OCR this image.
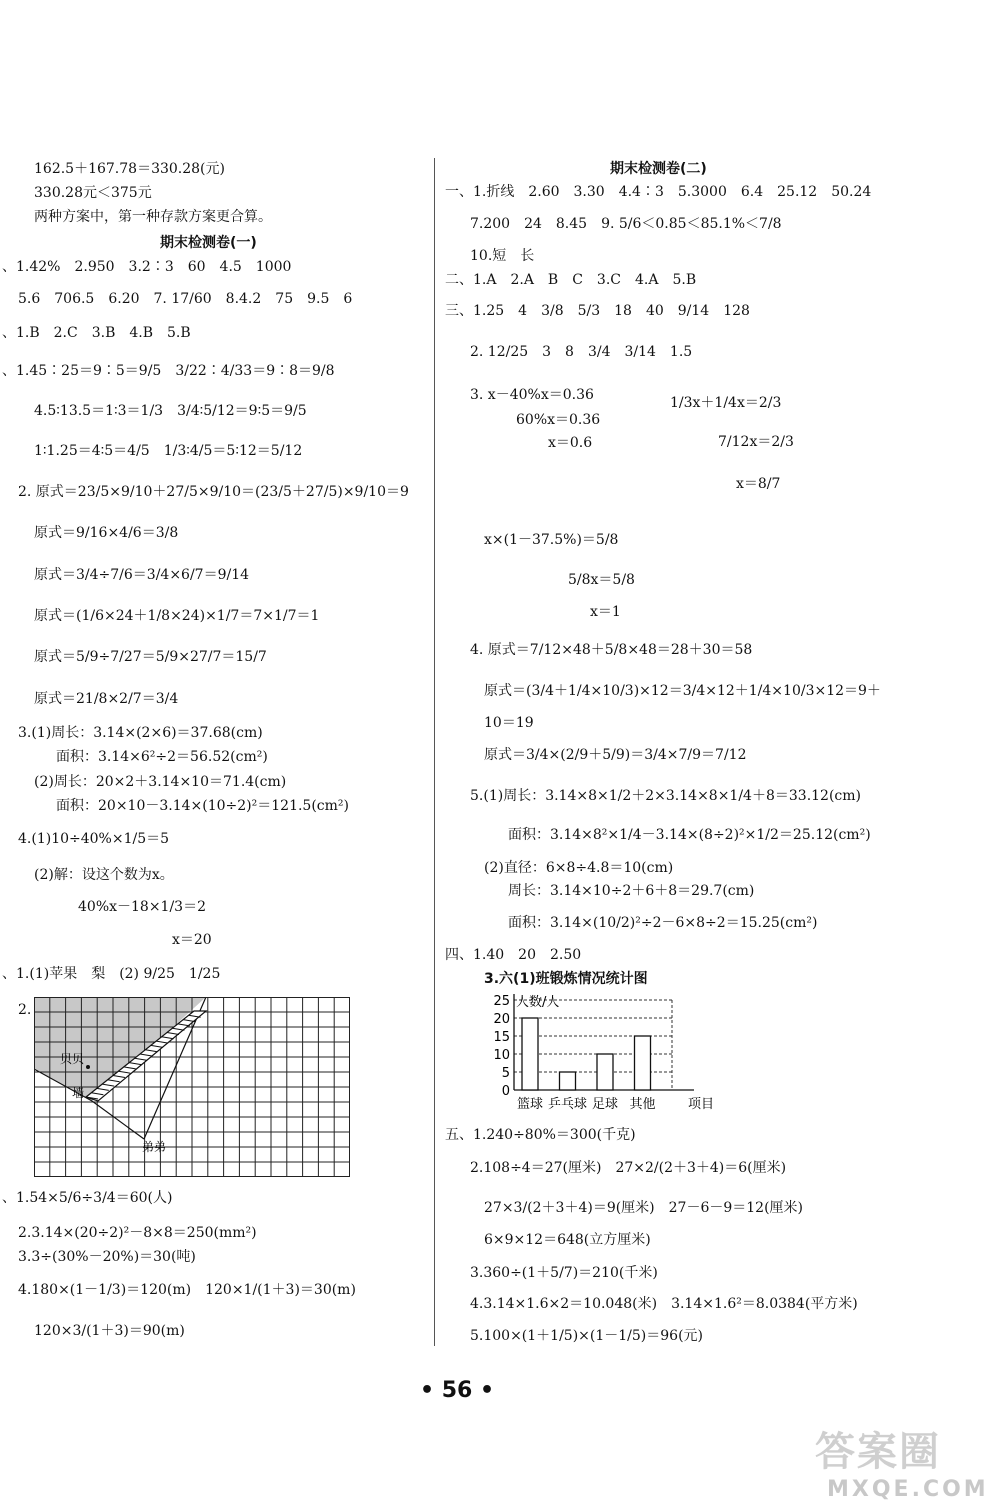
162.5＋167.78＝330.28(元)
330.28元＜375元
两种方案中，第一种存款方案更合算。
期末检测卷(一)
、1.42%　2.950　3.2∶3　60　4.5　1000
5.6　706.5　6.20　7. 17/60　8.4.2　75　9.5　6
、1.B　2.C　3.B　4.B　5.B
、1.45∶25＝9∶5＝9/5　3/22∶4/33＝9∶8＝9/8
4.5∶13.5＝1∶3＝1/3　3/4∶5/12＝9∶5＝9/5
1∶1.25＝4∶5＝4/5　1/3∶4/5＝5∶12＝5/12
2. 原式＝23/5×9/10＋27/5×9/10＝(23/5＋27/5)×9/10＝9
原式＝9/16×4/6＝3/8
原式＝3/4÷7/6＝3/4×6/7＝9/14
原式＝(1/6×24＋1/8×24)×1/7＝7×1/7＝1
原式＝5/9÷7/27＝5/9×27/7＝15/7
原式＝21/8×2/7＝3/4
3.(1)周长：3.14×(2×6)＝37.68(cm)
面积：3.14×6²÷2＝56.52(cm²)
(2)周长：20×2＋3.14×10＝71.4(cm)
面积：20×10－3.14×(10÷2)²＝121.5(cm²)
4.(1)10÷40%×1/5＝5
(2)解：设这个数为x。
40%x－18×1/3＝2
x＝20
、1.(1)苹果　梨　(2) 9/25　1/25
2.
、1.54×5/6÷3/4＝60(人)
2.3.14×(20÷2)²－8×8＝250(mm²)
3.3÷(30%－20%)＝30(吨)
4.180×(1－1/3)＝120(m)　120×1/(1＋3)＝30(m)
120×3/(1＋3)＝90(m)
期末检测卷(二)
一、1.折线　2.60　3.30　4.4∶3　5.3000　6.4　25.12　50.24
7.200　24　8.45　9. 5/6＜0.85＜85.1%＜7/8
10.短　长
二、1.A　2.A　B　C　3.C　4.A　5.B
三、1.25　4　3/8　5/3　18　40　9/14　128
2. 12/25　3　8　3/4　3/14　1.5
3. x－40%x＝0.36
60%x＝0.36
x＝0.6
1/3x＋1/4x＝2/3
7/12x＝2/3
x＝8/7
x×(1－37.5%)＝5/8
5/8x＝5/8
x＝1
4. 原式＝7/12×48＋5/8×48＝28＋30＝58
原式＝(3/4＋1/4×10/3)×12＝3/4×12＋1/4×10/3×12＝9＋
10＝19
原式＝3/4×(2/9＋5/9)＝3/4×7/9＝7/12
5.(1)周长：3.14×8×1/2＋2×3.14×8×1/4＋8＝33.12(cm)
面积：3.14×8²×1/4－3.14×(8÷2)²×1/2＝25.12(cm²)
(2)直径：6×8÷4.8＝10(cm)
周长：3.14×10÷2＋6＋8＝29.7(cm)
面积：3.14×(10/2)²÷2－6×8÷2＝15.25(cm²)
四、1.40　20　2.50
3.六(1)班锻炼情况统计图
五、1.240÷80%＝300(千克)
2.108÷4＝27(厘米)　27×2/(2＋3＋4)＝6(厘米)
27×3/(2＋3＋4)＝9(厘米)　27－6－9＝12(厘米)
6×9×12＝648(立方厘米)
3.360÷(1＋5/7)＝210(千米)
4.3.14×1.6×2＝10.048(米)　3.14×1.6²＝8.0384(平方米)
5.100×(1＋1/5)×(1－1/5)＝96(元)
贝贝
墙
弟弟
0
5
10
15
20
25 人数/人
项目
篮球 乒乓球 足球 其他
• 56 •
答案圈
MXQE.COM
